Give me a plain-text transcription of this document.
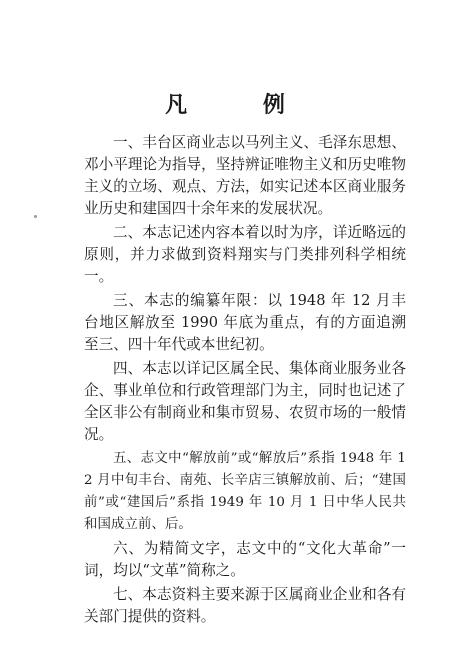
凡 例

一、丰台区商业志以马列主义、毛泽东思想、邓小平理论为指导，坚持辨证唯物主义和历史唯物主义的立场、观点、方法，如实记述本区商业服务业历史和建国四十余年来的发展状况。

二、本志记述内容本着以时为序，详近略远的原则，并力求做到资料翔实与门类排列科学相统一。

三、本志的编纂年限：以 1948 年 12 月丰台地区解放至 1990 年底为重点，有的方面追溯至三、四十年代或本世纪初。

四、本志以详记区属全民、集体商业服务业各企、事业单位和行政管理部门为主，同时也记述了全区非公有制商业和集市贸易、农贸市场的一般情况。

五、志文中“解放前”或“解放后”系指 1948 年 12 月中旬丰台、南苑、长辛店三镇解放前、后；“建国前”或“建国后”系指 1949 年 10 月 1 日中华人民共和国成立前、后。

六、为精简文字，志文中的“文化大革命”一词，均以“文革”简称之。

七、本志资料主要来源于区属商业企业和各有关部门提供的资料。
